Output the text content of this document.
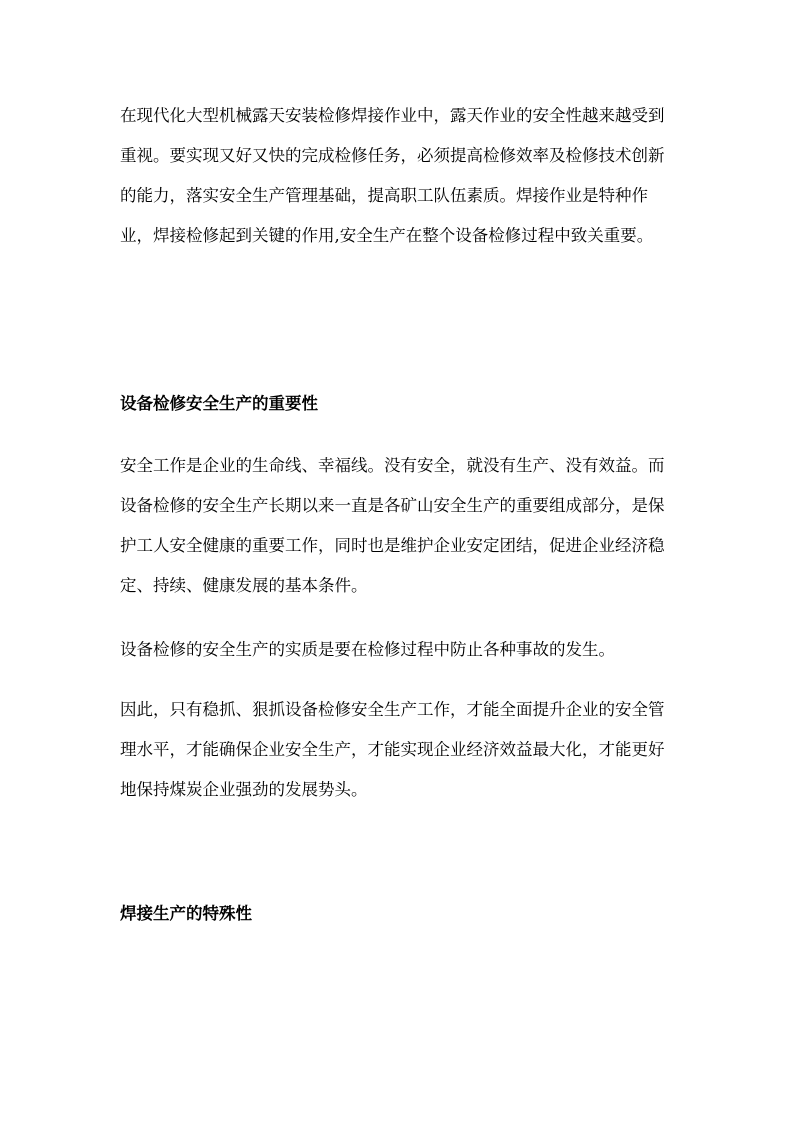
在现代化大型机械露天安装检修焊接作业中，露天作业的安全性越来越受到重视。要实现又好又快的完成检修任务，必须提高检修效率及检修技术创新的能力，落实安全生产管理基础，提高职工队伍素质。焊接作业是特种作业，焊接检修起到关键的作用,安全生产在整个设备检修过程中致关重要。

设备检修安全生产的重要性

安全工作是企业的生命线、幸福线。没有安全，就没有生产、没有效益。而设备检修的安全生产长期以来一直是各矿山安全生产的重要组成部分，是保护工人安全健康的重要工作，同时也是维护企业安定团结，促进企业经济稳定、持续、健康发展的基本条件。

设备检修的安全生产的实质是要在检修过程中防止各种事故的发生。

因此，只有稳抓、狠抓设备检修安全生产工作，才能全面提升企业的安全管理水平，才能确保企业安全生产，才能实现企业经济效益最大化，才能更好地保持煤炭企业强劲的发展势头。

焊接生产的特殊性
